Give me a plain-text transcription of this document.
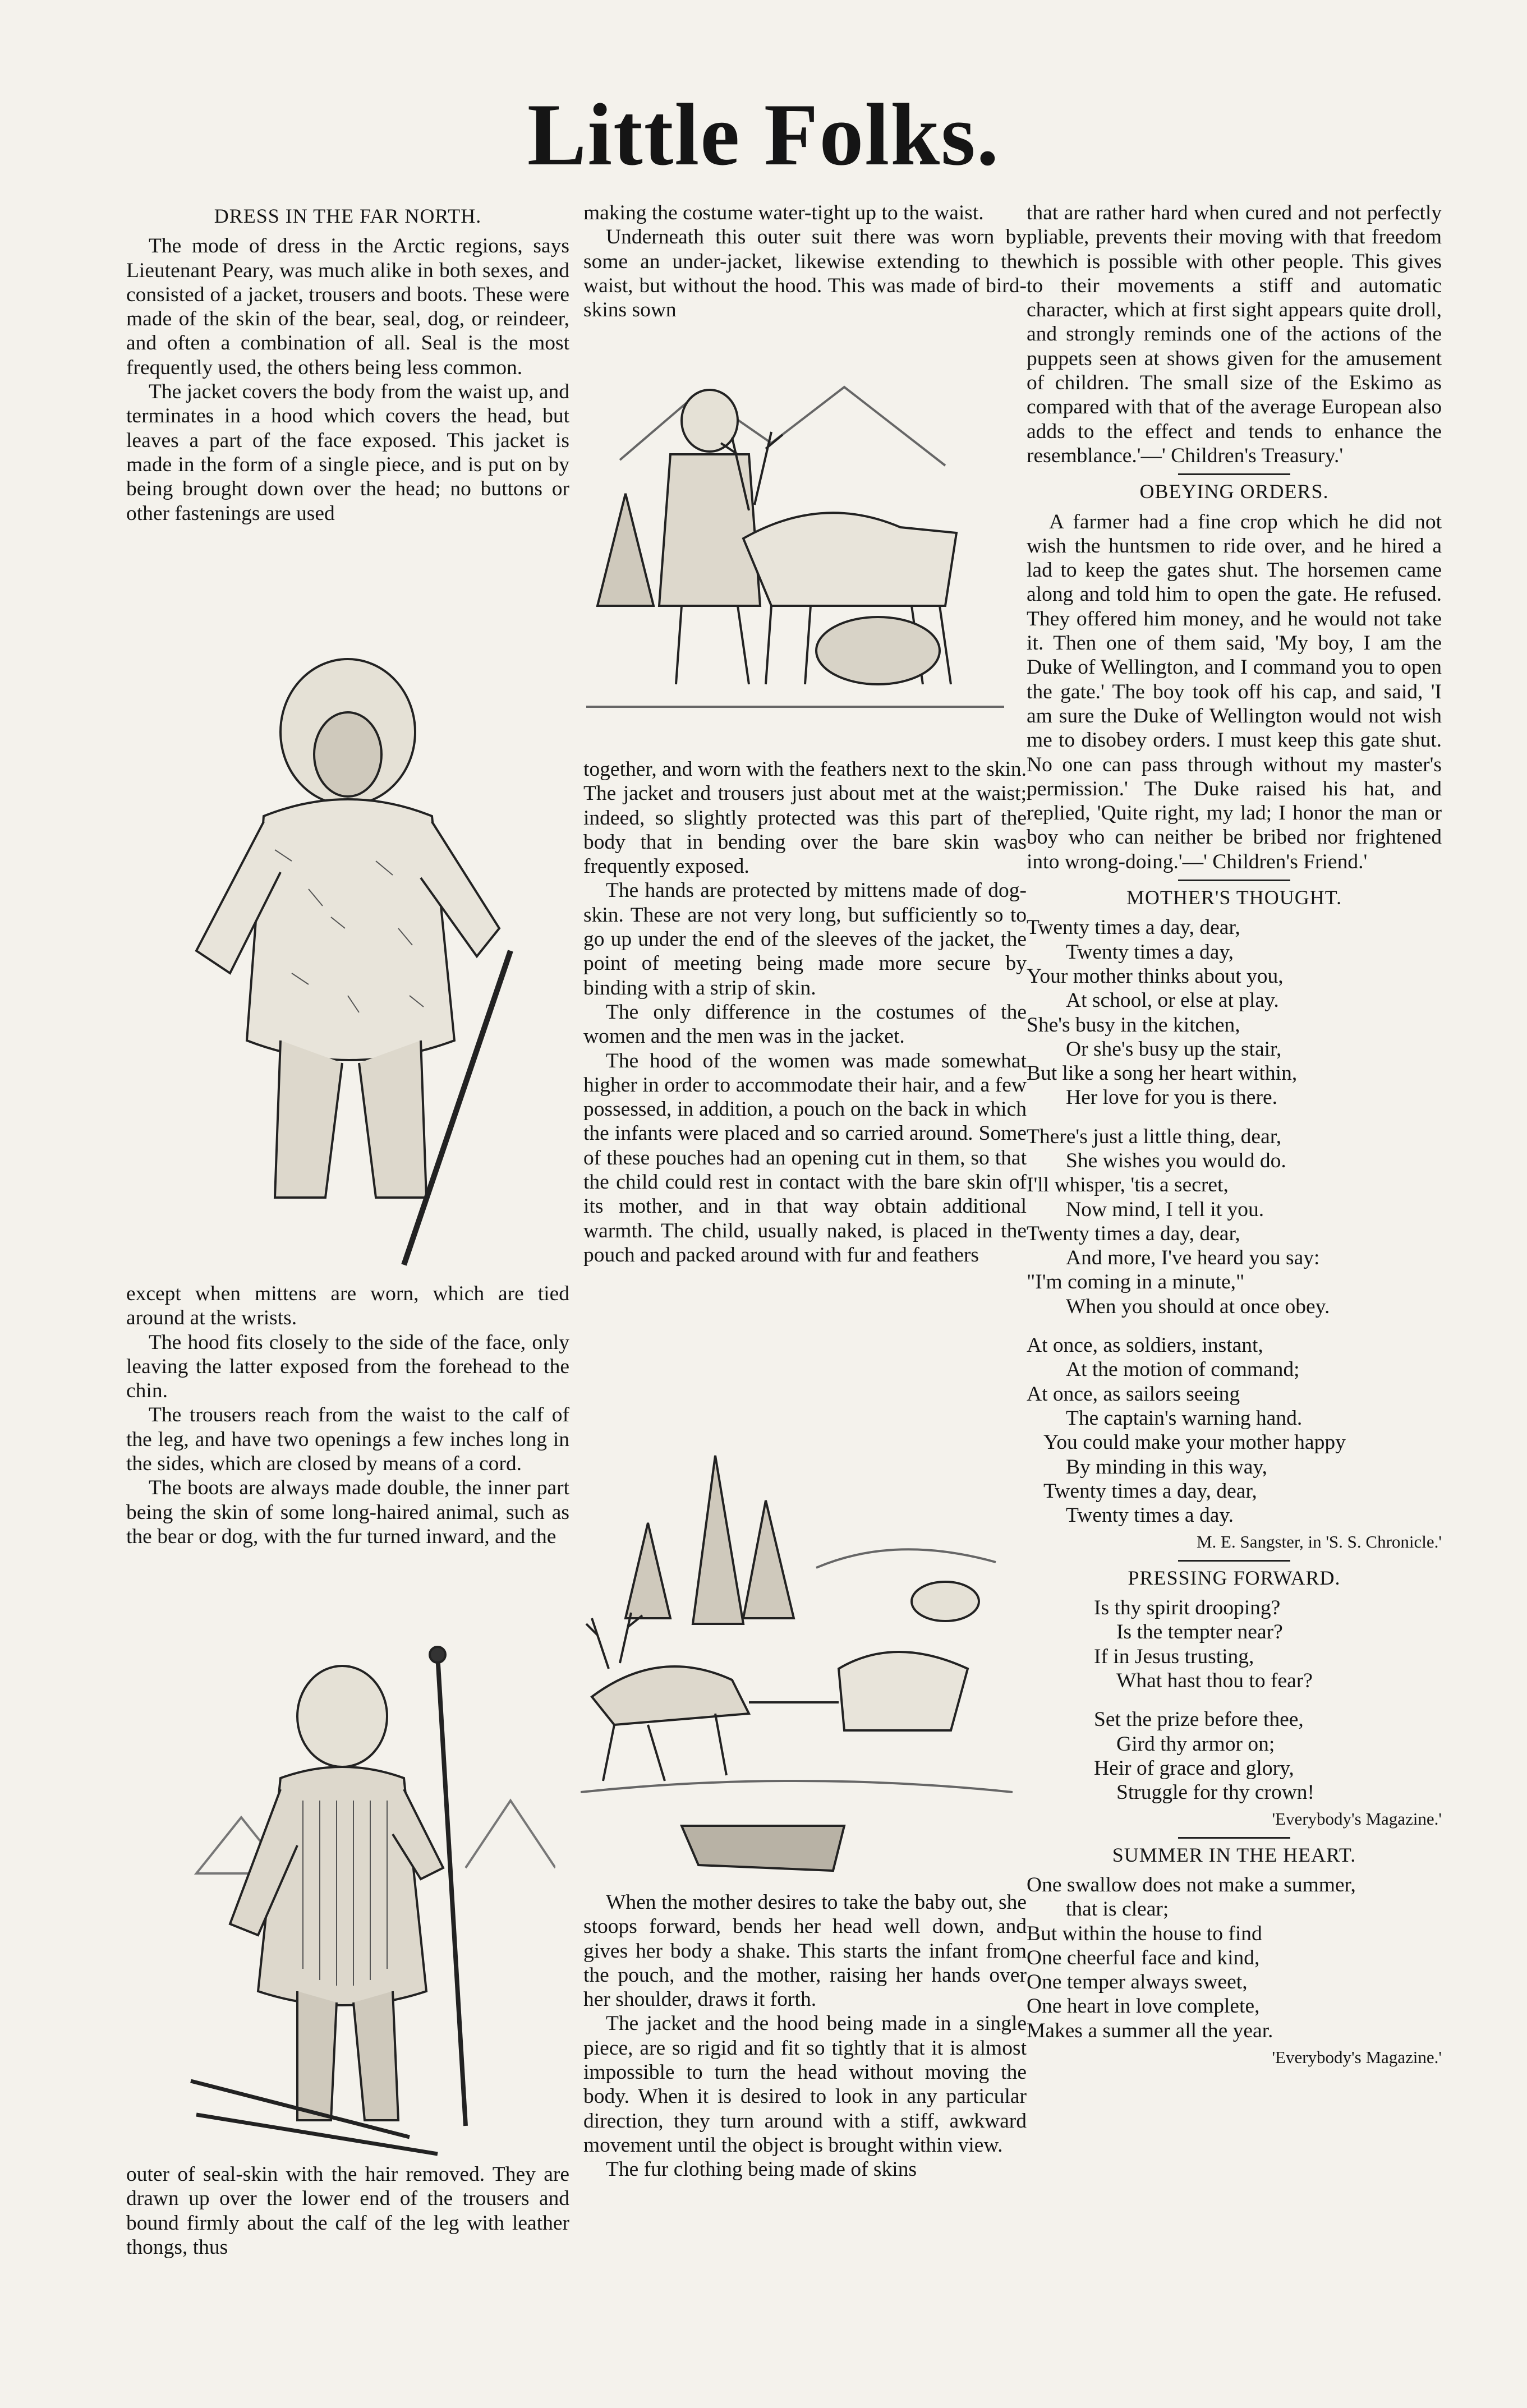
Little Folks.
DRESS IN THE FAR NORTH.

The mode of dress in the Arctic regions, says Lieutenant Peary, was much alike in both sexes, and consisted of a jacket, trousers and boots. These were made of the skin of the bear, seal, dog, or reindeer, and often a combination of all. Seal is the most frequently used, the others being less common.

The jacket covers the body from the waist up, and terminates in a hood which covers the head, but leaves a part of the face exposed. This jacket is made in the form of a single piece, and is put on by being brought down over the head; no buttons or other fastenings are used

except when mittens are worn, which are tied around at the wrists.

The hood fits closely to the side of the face, only leaving the latter exposed from the forehead to the chin.

The trousers reach from the waist to the calf of the leg, and have two openings a few inches long in the sides, which are closed by means of a cord.

The boots are always made double, the inner part being the skin of some long-haired animal, such as the bear or dog, with the fur turned inward, and the

outer of seal-skin with the hair removed. They are drawn up over the lower end of the trousers and bound firmly about the calf of the leg with leather thongs, thus

making the costume water-tight up to the waist.

Underneath this outer suit there was worn by some an under-jacket, likewise extending to the waist, but without the hood. This was made of bird-skins sown

together, and worn with the feathers next to the skin. The jacket and trousers just about met at the waist; indeed, so slightly protected was this part of the body that in bending over the bare skin was frequently exposed.

The hands are protected by mittens made of dog-skin. These are not very long, but sufficiently so to go up under the end of the sleeves of the jacket, the point of meeting being made more secure by binding with a strip of skin.

The only difference in the costumes of the women and the men was in the jacket.

The hood of the women was made somewhat higher in order to accommodate their hair, and a few possessed, in addition, a pouch on the back in which the infants were placed and so carried around. Some of these pouches had an opening cut in them, so that the child could rest in contact with the bare skin of its mother, and in that way obtain additional warmth. The child, usually naked, is placed in the pouch and packed around with fur and feathers

When the mother desires to take the baby out, she stoops forward, bends her head well down, and gives her body a shake. This starts the infant from the pouch, and the mother, raising her hands over her shoulder, draws it forth.

The jacket and the hood being made in a single piece, are so rigid and fit so tightly that it is almost impossible to turn the head without moving the body. When it is desired to look in any particular direction, they turn around with a stiff, awkward movement until the object is brought within view.

The fur clothing being made of skins

that are rather hard when cured and not perfectly pliable, prevents their moving with that freedom which is possible with other people. This gives to their movements a stiff and automatic character, which at first sight appears quite droll, and strongly reminds one of the actions of the puppets seen at shows given for the amusement of children. The small size of the Eskimo as compared with that of the average European also adds to the effect and tends to enhance the resemblance.'—' Children's Treasury.'

OBEYING ORDERS.

A farmer had a fine crop which he did not wish the huntsmen to ride over, and he hired a lad to keep the gates shut. The horsemen came along and told him to open the gate. He refused. They offered him money, and he would not take it. Then one of them said, 'My boy, I am the Duke of Wellington, and I command you to open the gate.' The boy took off his cap, and said, 'I am sure the Duke of Wellington would not wish me to disobey orders. I must keep this gate shut. No one can pass through without my master's permission.' The Duke raised his hat, and replied, 'Quite right, my lad; I honor the man or boy who can neither be bribed nor frightened into wrong-doing.'—' Children's Friend.'

MOTHER'S THOUGHT.
Twenty times a day, dear,
Twenty times a day,
Your mother thinks about you,
At school, or else at play.
She's busy in the kitchen,
Or she's busy up the stair,
But like a song her heart within,
Her love for you is there.
There's just a little thing, dear,
She wishes you would do.
I'll whisper, 'tis a secret,
Now mind, I tell it you.
Twenty times a day, dear,
And more, I've heard you say:
"I'm coming in a minute,"
When you should at once obey.
At once, as soldiers, instant,
At the motion of command;
At once, as sailors seeing
The captain's warning hand.
You could make your mother happy
By minding in this way,
Twenty times a day, dear,
Twenty times a day.
M. E. Sangster, in 'S. S. Chronicle.'
PRESSING FORWARD.
Is thy spirit drooping?
Is the tempter near?
If in Jesus trusting,
What hast thou to fear?
Set the prize before thee,
Gird thy armor on;
Heir of grace and glory,
Struggle for thy crown!
'Everybody's Magazine.'
SUMMER IN THE HEART.
One swallow does not make a summer,
that is clear;
But within the house to find
One cheerful face and kind,
One temper always sweet,
One heart in love complete,
Makes a summer all the year.
'Everybody's Magazine.'
